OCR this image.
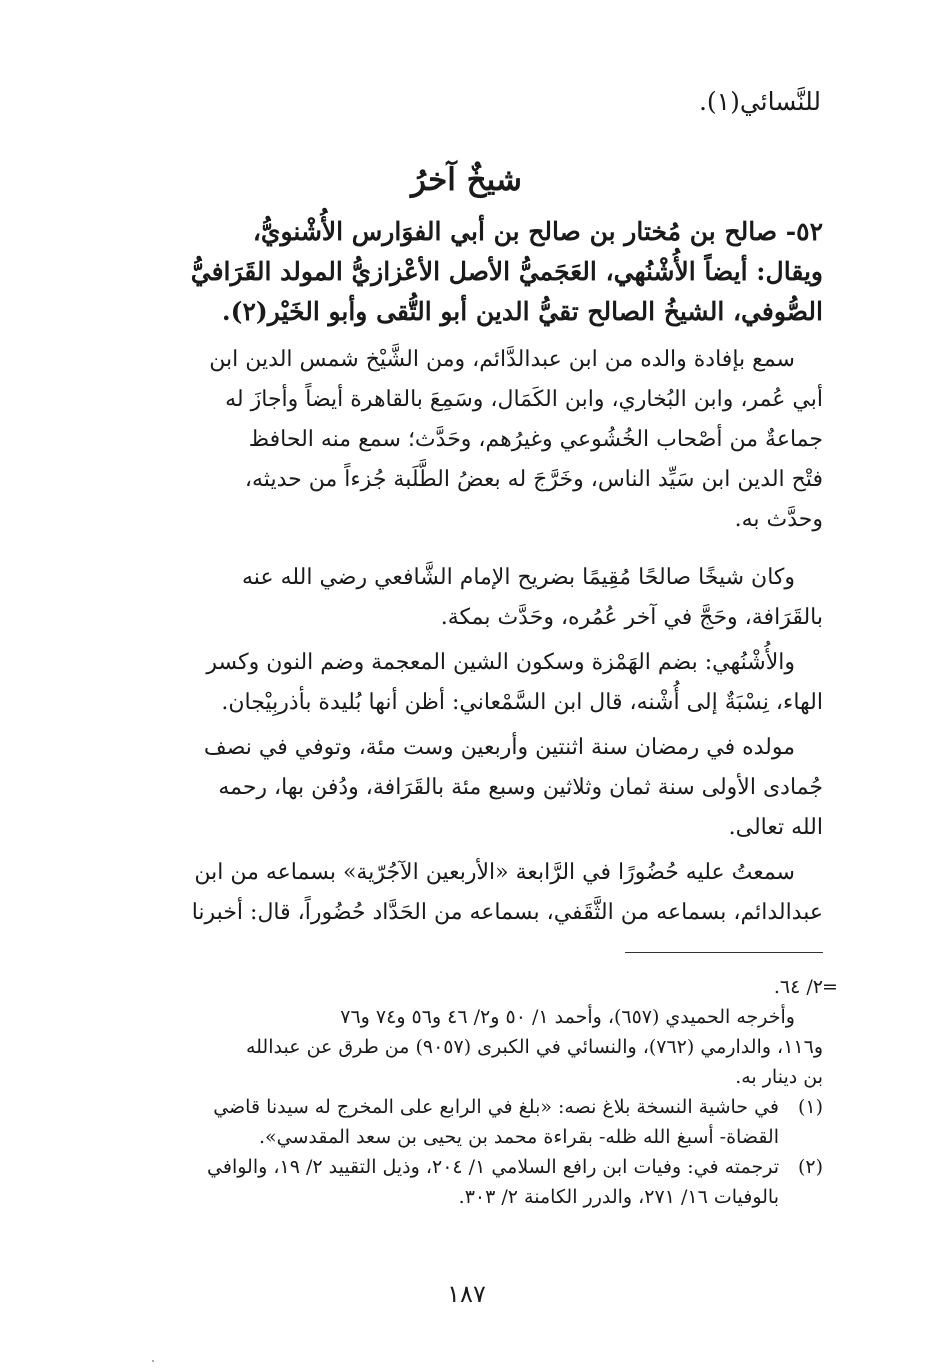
للنَّسائي(١).
شيخٌ آخرُ
٥٢- صالح بن مُختار بن صالح بن أبي الفوَارس الأُشْنويُّ،
ويقال: أيضاً الأُشْنُهي، العَجَميُّ الأصل الأعْزازيُّ المولد القَرَافيُّ
الصُّوفي، الشيخُ الصالح تقيُّ الدين أبو التُّقى وأبو الخَيْر(٢).
سمع بإفادة والده من ابن عبدالدَّائم، ومن الشَّيْخ شمس الدين ابن
أبي عُمر، وابن البُخاري، وابن الكَمَال، وسَمِعَ بالقاهرة أيضاً وأجازَ له
جماعةٌ من أصْحاب الخُشُوعي وغيرُهم، وحَدَّث؛ سمع منه الحافظ
فتْح الدين ابن سَيِّد الناس، وخَرَّجَ له بعضُ الطَّلَبة جُزءاً من حديثه،
وحدَّث به.
وكان شيخًا صالحًا مُقِيمًا بضريح الإمام الشَّافعي رضي الله عنه
بالقَرَافة، وحَجَّ في آخر عُمُره، وحَدَّث بمكة.
والأُشْنُهي: بضم الهَمْزة وسكون الشين المعجمة وضم النون وكسر
الهاء، نِسْبَةٌ إلى أُشْنه، قال ابن السَّمْعاني: أظن أنها بُليدة بأذربِيْجان.
مولده في رمضان سنة اثنتين وأربعين وست مئة، وتوفي في نصف
جُمادى الأولى سنة ثمان وثلاثين وسبع مئة بالقَرَافة، ودُفن بها، رحمه
الله تعالى.
سمعتُ عليه حُضُورًا في الرَّابعة «الأربعين الآجُرّية» بسماعه من ابن
عبدالدائم، بسماعه من الثَّقَفي، بسماعه من الحَدَّاد حُضُوراً، قال: أخبرنا
=
٢/ ٦٤.
وأخرجه الحميدي (٦٥٧)، وأحمد ١/ ٥٠ و٢/ ٤٦ و٥٦ و٧٤ و٧٦
و١١٦، والدارمي (٧٦٢)، والنسائي في الكبرى (٩٠٥٧) من طرق عن عبدالله
بن دينار به.
(١)في حاشية النسخة بلاغ نصه: «بلغ في الرابع على المخرج له سيدنا قاضي
القضاة- أسبغ الله ظله- بقراءة محمد بن يحيى بن سعد المقدسي».
(٢)ترجمته في: وفيات ابن رافع السلامي ١/ ٢٠٤، وذيل التقييد ٢/ ١٩، والوافي
بالوفيات ١٦/ ٢٧١، والدرر الكامنة ٢/ ٣٠٣.
١٨٧
